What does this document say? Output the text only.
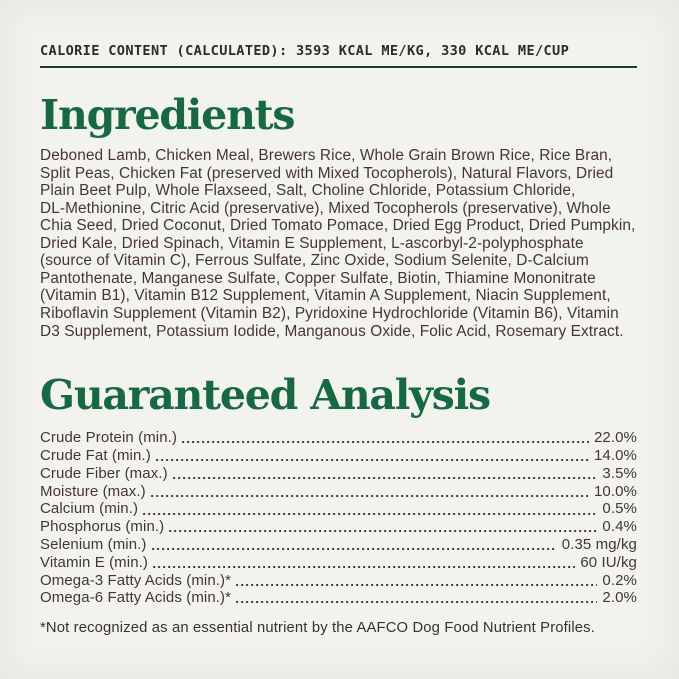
CALORIE CONTENT (CALCULATED): 3593 KCAL ME/KG, 330 KCAL ME/CUP
Ingredients
Deboned Lamb, Chicken Meal, Brewers Rice, Whole Grain Brown Rice, Rice Bran,
Split Peas, Chicken Fat (preserved with Mixed Tocopherols), Natural Flavors, Dried
Plain Beet Pulp, Whole Flaxseed, Salt, Choline Chloride, Potassium Chloride,
DL-Methionine, Citric Acid (preservative), Mixed Tocopherols (preservative), Whole
Chia Seed, Dried Coconut, Dried Tomato Pomace, Dried Egg Product, Dried Pumpkin,
Dried Kale, Dried Spinach, Vitamin E Supplement, L-ascorbyl-2-polyphosphate
(source of Vitamin C), Ferrous Sulfate, Zinc Oxide, Sodium Selenite, D-Calcium
Pantothenate, Manganese Sulfate, Copper Sulfate, Biotin, Thiamine Mononitrate
(Vitamin B1), Vitamin B12 Supplement, Vitamin A Supplement, Niacin Supplement,
Riboflavin Supplement (Vitamin B2), Pyridoxine Hydrochloride (Vitamin B6), Vitamin
D3 Supplement, Potassium Iodide, Manganous Oxide, Folic Acid, Rosemary Extract.
Guaranteed Analysis
Crude Protein (min.)	22.0%
Crude Fat (min.)	14.0%
Crude Fiber (max.)	3.5%
Moisture (max.)	10.0%
Calcium (min.)	0.5%
Phosphorus (min.)	0.4%
Selenium (min.)	0.35 mg/kg
Vitamin E (min.)	60 IU/kg
Omega-3 Fatty Acids (min.)*	0.2%
Omega-6 Fatty Acids (min.)*	2.0%

*Not recognized as an essential nutrient by the AAFCO Dog Food Nutrient Profiles.
